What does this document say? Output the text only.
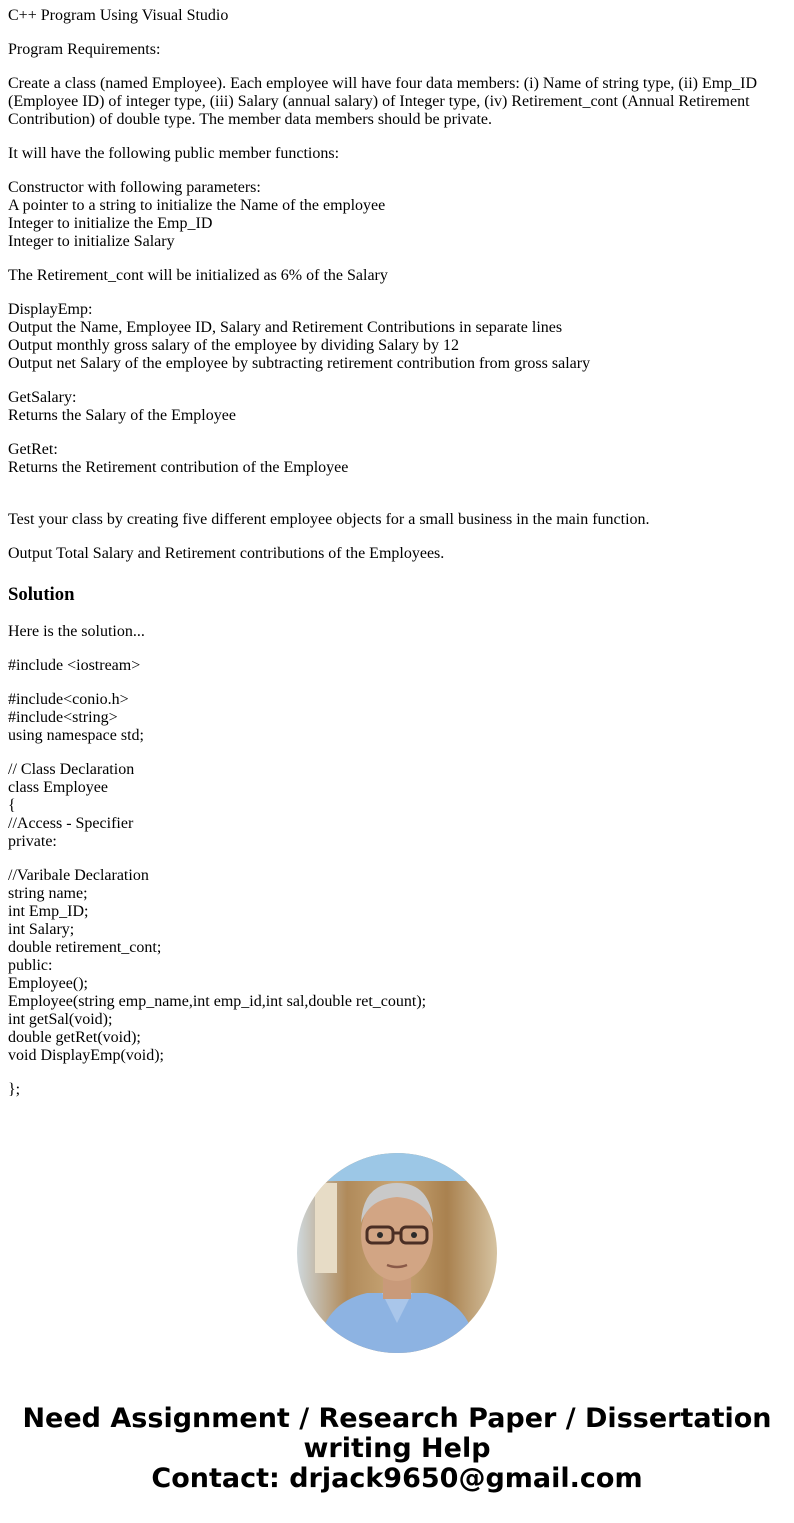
C++ Program Using Visual Studio
Program Requirements:
Create a class (named Employee). Each employee will have four data members: (i) Name of string type, (ii) Emp_ID (Employee ID) of integer type, (iii) Salary (annual salary) of Integer type, (iv) Retirement_cont (Annual Retirement Contribution) of double type. The member data members should be private.
It will have the following public member functions:
Constructor with following parameters:
A pointer to a string to initialize the Name of the employee
Integer to initialize the Emp_ID
Integer to initialize Salary
The Retirement_cont will be initialized as 6% of the Salary
DisplayEmp:
Output the Name, Employee ID, Salary and Retirement Contributions in separate lines
Output monthly gross salary of the employee by dividing Salary by 12
Output net Salary of the employee by subtracting retirement contribution from gross salary
GetSalary:
Returns the Salary of the Employee
GetRet:
Returns the Retirement contribution of the Employee
Test your class by creating five different employee objects for a small business in the main function.
Output Total Salary and Retirement contributions of the Employees.
Solution
Here is the solution...
#include <iostream>
#include<conio.h>
#include<string>
using namespace std;
// Class Declaration
class Employee
{
//Access - Specifier
private:
//Varibale Declaration
string name;
int Emp_ID;
int Salary;
double retirement_cont;
public:
Employee();
Employee(string emp_name,int emp_id,int sal,double ret_count);
int getSal(void);
double getRet(void);
void DisplayEmp(void);
};
Need Assignment / Research Paper / Dissertation
writing Help
Contact: drjack9650@gmail.com
